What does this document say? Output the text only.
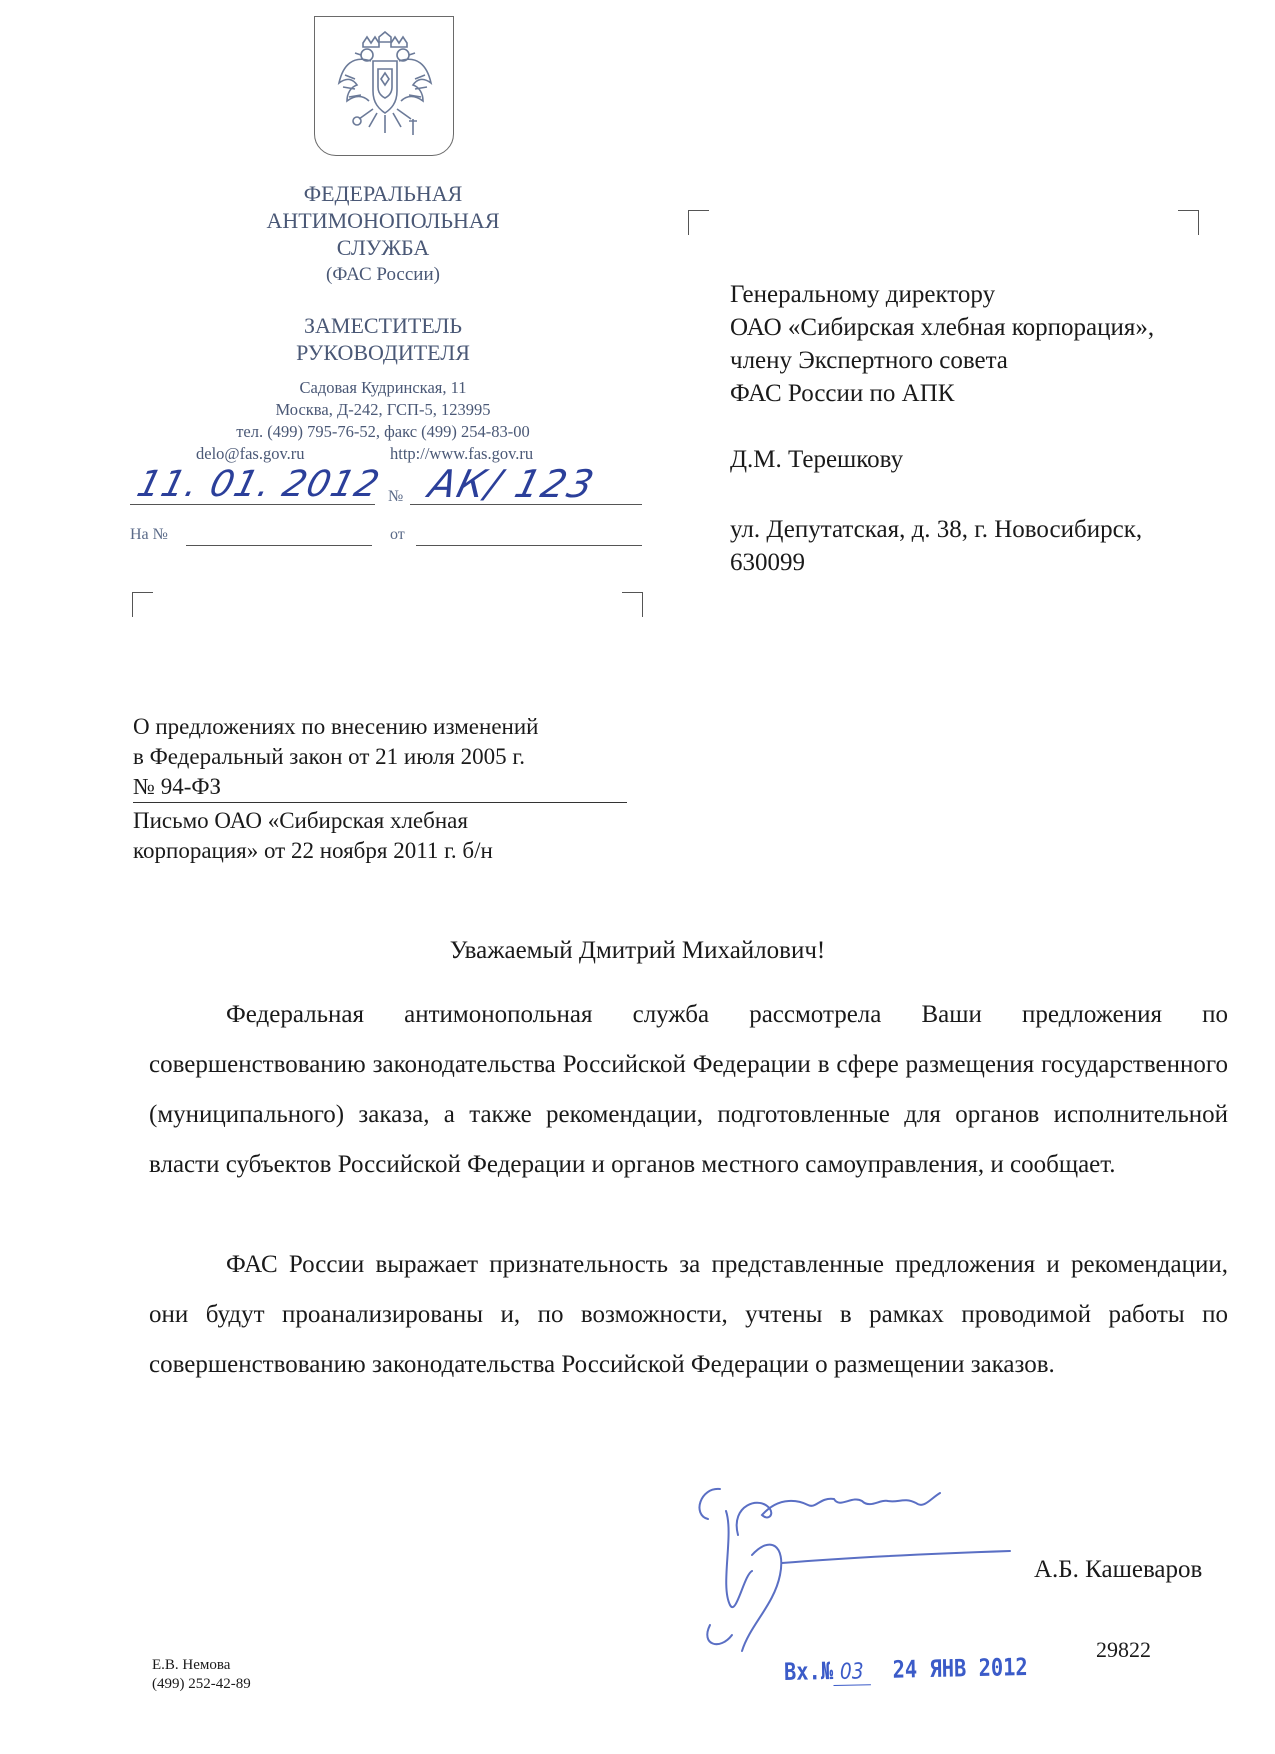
ФЕДЕРАЛЬНАЯ
АНТИМОНОПОЛЬНАЯ
СЛУЖБА
(ФАС России)
ЗАМЕСТИТЕЛЬ
РУКОВОДИТЕЛЯ
Садовая Кудринская, 11
Москва, Д-242, ГСП-5, 123995
тел. (499) 795-76-52, факс (499) 254-83-00
delo@fas.gov.ru	http://www.fas.gov.ru
11. 01. 2012 № АК/ 123
На №	от
Генеральному директору
ОАО «Сибирская хлебная корпорация»,
члену Экспертного совета
ФАС России по АПК
Д.М. Терешкову
ул. Депутатская, д. 38, г. Новосибирск,
630099
О предложениях по внесению изменений
в Федеральный закон от 21 июля 2005 г.
№ 94-ФЗ
Письмо ОАО «Сибирская хлебная
корпорация» от 22 ноября 2011 г. б/н
Уважаемый Дмитрий Михайлович!

Федеральная антимонопольная служба рассмотрела Ваши предложения по совершенствованию законодательства Российской Федерации в сфере размещения государственного (муниципального) заказа, а также рекомендации, подготовленные для органов исполнительной власти субъектов Российской Федерации и органов местного самоуправления, и сообщает.

ФАС России выражает признательность за представленные предложения и рекомендации, они будут проанализированы и, по возможности, учтены в рамках проводимой работы по совершенствованию законодательства Российской Федерации о размещении заказов.

А.Б. Кашеваров
29822
Вх.№ 03 24 ЯНВ 2012
Е.В. Немова
(499) 252-42-89
